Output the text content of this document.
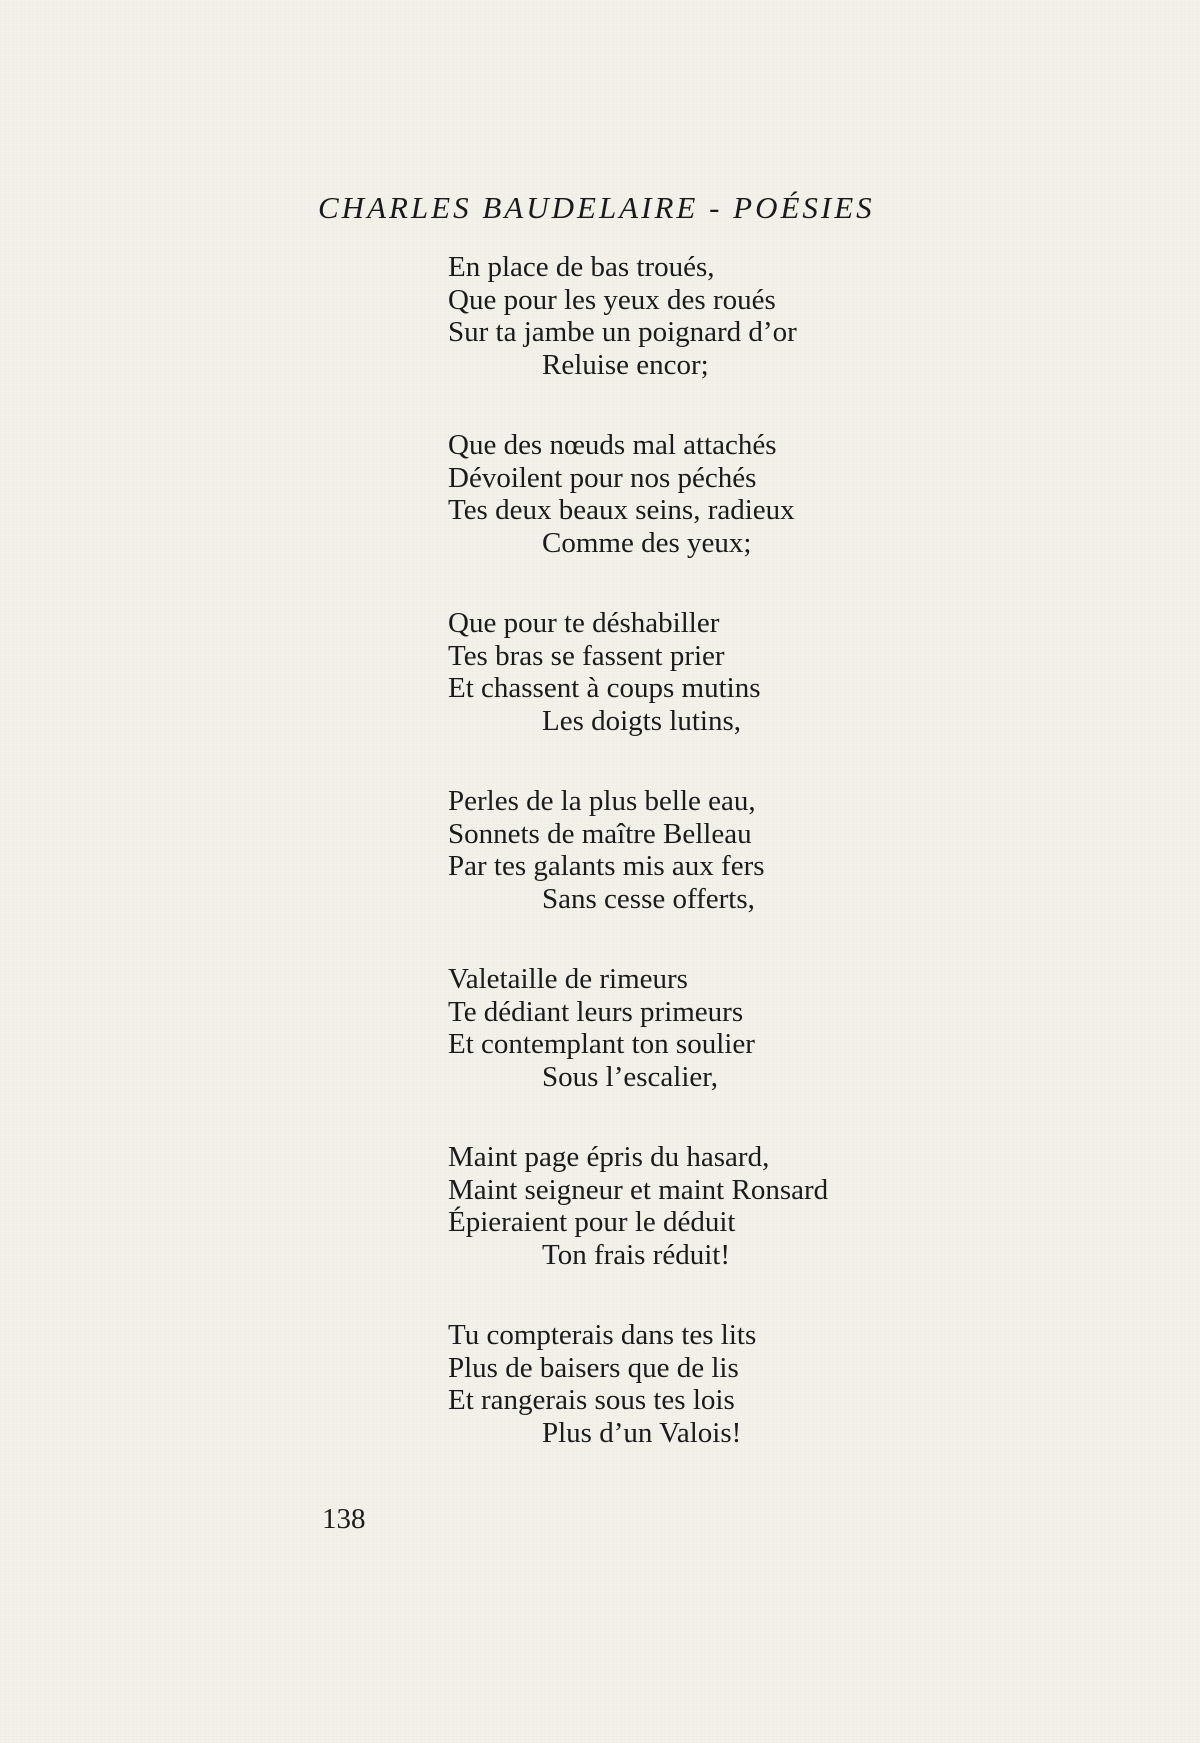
CHARLES BAUDELAIRE - POÉSIES
En place de bas troués,
Que pour les yeux des roués
Sur ta jambe un poignard d’or
Reluise encor;
Que des nœuds mal attachés
Dévoilent pour nos péchés
Tes deux beaux seins, radieux
Comme des yeux;
Que pour te déshabiller
Tes bras se fassent prier
Et chassent à coups mutins
Les doigts lutins,
Perles de la plus belle eau,
Sonnets de maître Belleau
Par tes galants mis aux fers
Sans cesse offerts,
Valetaille de rimeurs
Te dédiant leurs primeurs
Et contemplant ton soulier
Sous l’escalier,
Maint page épris du hasard,
Maint seigneur et maint Ronsard
Épieraient pour le déduit
Ton frais réduit!
Tu compterais dans tes lits
Plus de baisers que de lis
Et rangerais sous tes lois
Plus d’un Valois!
138
